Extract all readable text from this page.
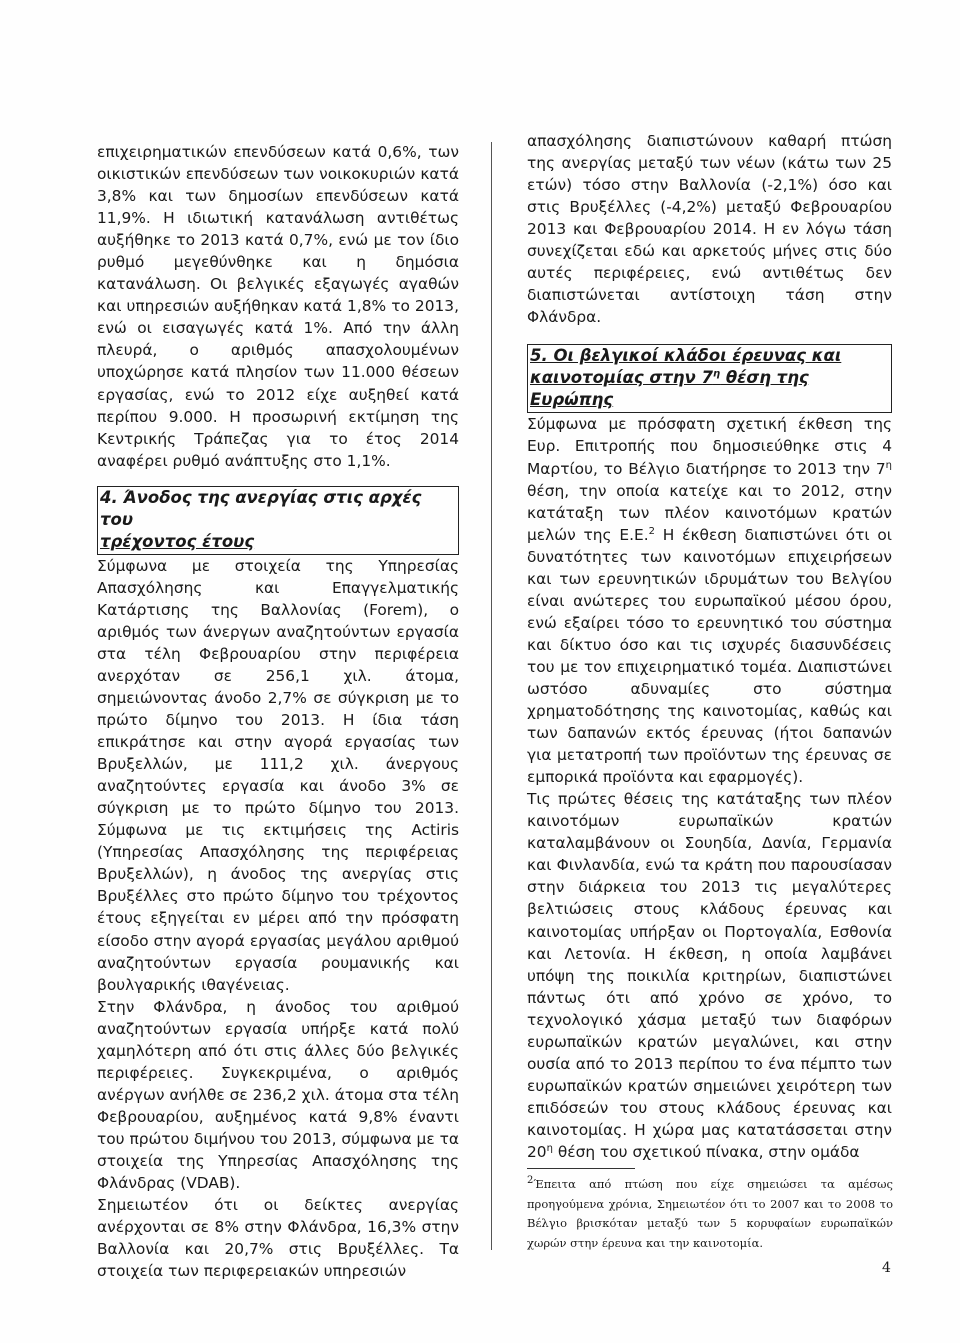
επιχειρηματικών επενδύσεων κατά 0,6%, των οικιστικών επενδύσεων των νοικοκυριών κατά 3,8% και των δημοσίων επενδύσεων κατά 11,9%. Η ιδιωτική κατανάλωση αντιθέτως αυξήθηκε το 2013 κατά 0,7%, ενώ με τον ίδιο ρυθμό μεγεθύνθηκε και η δημόσια κατανάλωση. Οι βελγικές εξαγωγές αγαθών και υπηρεσιών αυξήθηκαν κατά 1,8% το 2013, ενώ οι εισαγωγές κατά 1%. Από την άλλη πλευρά, ο αριθμός απασχολουμένων υποχώρησε κατά πλησίον των 11.000 θέσεων εργασίας, ενώ το 2012 είχε αυξηθεί κατά περίπου 9.000. Η προσωρινή εκτίμηση της Κεντρικής Τράπεζας για το έτος 2014 αναφέρει ρυθμό ανάπτυξης στο 1,1%.

4. Άνοδος της ανεργίας στις αρχές του
τρέχοντος έτους

Σύμφωνα με στοιχεία της Υπηρεσίας Απασχόλησης και Επαγγελματικής Κατάρτισης της Βαλλονίας (Forem), ο αριθμός των άνεργων αναζητούντων εργασία στα τέλη Φεβρουαρίου στην περιφέρεια ανερχόταν σε 256,1 χιλ. άτομα, σημειώνοντας άνοδο 2,7% σε σύγκριση με το πρώτο δίμηνο του 2013. Η ίδια τάση επικράτησε και στην αγορά εργασίας των Βρυξελλών, με 111,2 χιλ. άνεργους αναζητούντες εργασία και άνοδο 3% σε σύγκριση με το πρώτο δίμηνο του 2013. Σύμφωνα με τις εκτιμήσεις της Actiris (Υπηρεσίας Απασχόλησης της περιφέρειας Βρυξελλών), η άνοδος της ανεργίας στις Βρυξέλλες στο πρώτο δίμηνο του τρέχοντος έτους εξηγείται εν μέρει από την πρόσφατη είσοδο στην αγορά εργασίας μεγάλου αριθμού αναζητούντων εργασία ρουμανικής και βουλγαρικής ιθαγένειας.

Στην Φλάνδρα, η άνοδος του αριθμού αναζητούντων εργασία υπήρξε κατά πολύ χαμηλότερη από ότι στις άλλες δύο βελγικές περιφέρειες. Συγκεκριμένα, ο αριθμός ανέργων ανήλθε σε 236,2 χιλ. άτομα στα τέλη Φεβρουαρίου, αυξημένος κατά 9,8% έναντι του πρώτου διμήνου του 2013, σύμφωνα με τα στοιχεία της Υπηρεσίας Απασχόλησης της Φλάνδρας (VDAB).

Σημειωτέον ότι οι δείκτες ανεργίας ανέρχονται σε 8% στην Φλάνδρα, 16,3% στην Βαλλονία και 20,7% στις Βρυξέλλες. Τα στοιχεία των περιφερειακών υπηρεσιών

απασχόλησης διαπιστώνουν καθαρή πτώση της ανεργίας μεταξύ των νέων (κάτω των 25 ετών) τόσο στην Βαλλονία (-2,1%) όσο και στις Βρυξέλλες (-4,2%) μεταξύ Φεβρουαρίου 2013 και Φεβρουαρίου 2014. Η εν λόγω τάση συνεχίζεται εδώ και αρκετούς μήνες στις δύο αυτές περιφέρειες, ενώ αντιθέτως δεν διαπιστώνεται αντίστοιχη τάση στην Φλάνδρα.

5. Οι βελγικοί κλάδοι έρευνας και
καινοτομίας στην $7^\eta$ θέση της Ευρώπης

Σύμφωνα με πρόσφατη σχετική έκθεση της Ευρ. Επιτροπής που δημοσιεύθηκε στις 4 Μαρτίου, το Βέλγιο διατήρησε το 2013 την $7^\eta$ θέση, την οποία κατείχε και το 2012, στην κατάταξη των πλέον καινοτόμων κρατών μελών της Ε.Ε.$^2$ Η έκθεση διαπιστώνει ότι οι δυνατότητες των καινοτόμων επιχειρήσεων και των ερευνητικών ιδρυμάτων του Βελγίου είναι ανώτερες του ευρωπαϊκού μέσου όρου, ενώ εξαίρει τόσο το ερευνητικό του σύστημα και δίκτυο όσο και τις ισχυρές διασυνδέσεις του με τον επιχειρηματικό τομέα. Διαπιστώνει ωστόσο αδυναμίες στο σύστημα χρηματοδότησης της καινοτομίας, καθώς και των δαπανών εκτός έρευνας (ήτοι δαπανών για μετατροπή των προϊόντων της έρευνας σε εμπορικά προϊόντα και εφαρμογές).

Τις πρώτες θέσεις της κατάταξης των πλέον καινοτόμων ευρωπαϊκών κρατών καταλαμβάνουν οι Σουηδία, Δανία, Γερμανία και Φινλανδία, ενώ τα κράτη που παρουσίασαν στην διάρκεια του 2013 τις μεγαλύτερες βελτιώσεις στους κλάδους έρευνας και καινοτομίας υπήρξαν οι Πορτογαλία, Εσθονία και Λετονία. Η έκθεση, η οποία λαμβάνει υπόψη της ποικιλία κριτηρίων, διαπιστώνει πάντως ότι από χρόνο σε χρόνο, το τεχνολογικό χάσμα μεταξύ των διαφόρων ευρωπαϊκών κρατών μεγαλώνει, και στην ουσία από το 2013 περίπου το ένα πέμπτο των ευρωπαϊκών κρατών σημειώνει χειρότερη των επιδόσεών του στους κλάδους έρευνας και καινοτομίας. Η χώρα μας κατατάσσεται στην $20^\eta$ θέση του σχετικού πίνακα, στην ομάδα

2Έπειτα από πτώση που είχε σημειώσει τα αμέσως προηγούμενα χρόνια, Σημειωτέον ότι το 2007 και το 2008 το Βέλγιο βρισκόταν μεταξύ των 5 κορυφαίων ευρωπαϊκών χωρών στην έρευνα και την καινοτομία.
4
